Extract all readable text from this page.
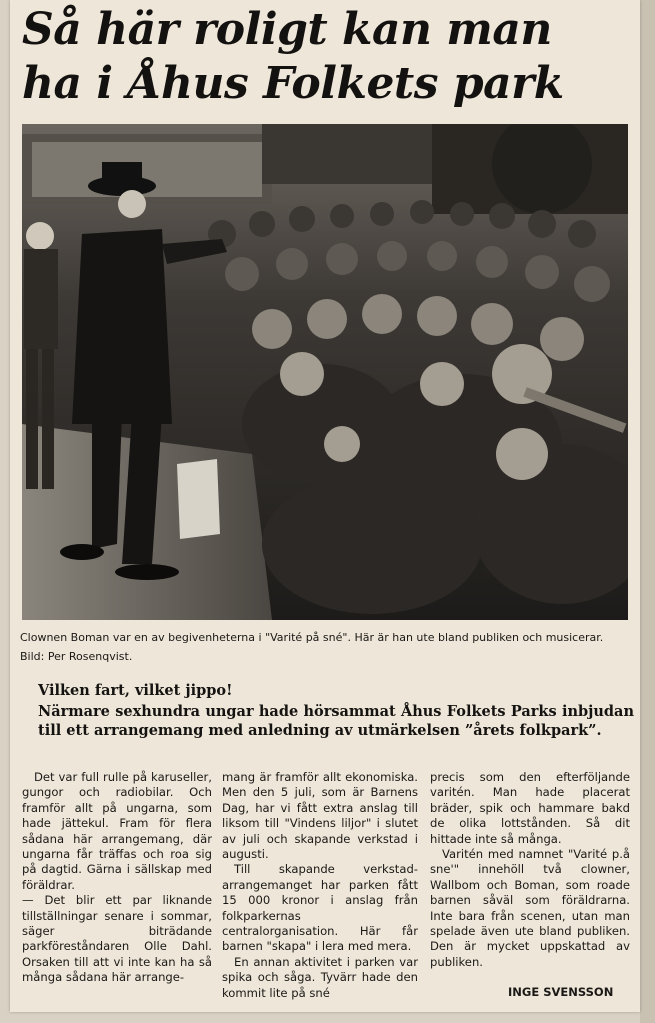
Så här roligt kan man
ha i Åhus Folkets park

Clownen Boman var en av begivenheterna i "Varité på sné". Här är han ute bland publiken och musicerar. Bild: Per Rosenqvist.

Vilken fart, vilket jippo!

Närmare sexhundra ungar hade hörsammat Åhus Folkets Parks inbjudan till ett arrangemang med anledning av utmärkelsen ”årets folkpark”.

Det var full rulle på karuseller, gungor och radiobilar. Och framför allt på ungarna, som hade jättekul. Fram för flera sådana här arrangemang, där ungarna får träffas och roa sig på dagtid. Gärna i sällskap med föräldrar.

— Det blir ett par liknande tillställningar senare i sommar, säger biträdande parkföreståndaren Olle Dahl. Orsaken till att vi inte kan ha så många sådana här arrange-

mang är framför allt ekonomiska. Men den 5 juli, som är Barnens Dag, har vi fått extra anslag till liksom till "Vindens liljor" i slutet av juli och skapande verkstad i augusti.

Till skapande verkstad-arrangemanget har parken fått 15 000 kronor i anslag från folkparkernas centralorganisation. Här får barnen "skapa" i lera med mera.

En annan aktivitet i parken var spika och såga. Tyvärr hade den kommit lite på sné

precis som den efterföljande varitén. Man hade placerat bräder, spik och hammare bakd de olika lottstånden. Så dit hittade inte så många.

Varitén med namnet "Varité p.å sne'" innehöll två clowner, Wallbom och Boman, som roade barnen såväl som föräldrarna. Inte bara från scenen, utan man spelade även ute bland publiken. Den är mycket uppskattad av publiken.

INGE SVENSSON
